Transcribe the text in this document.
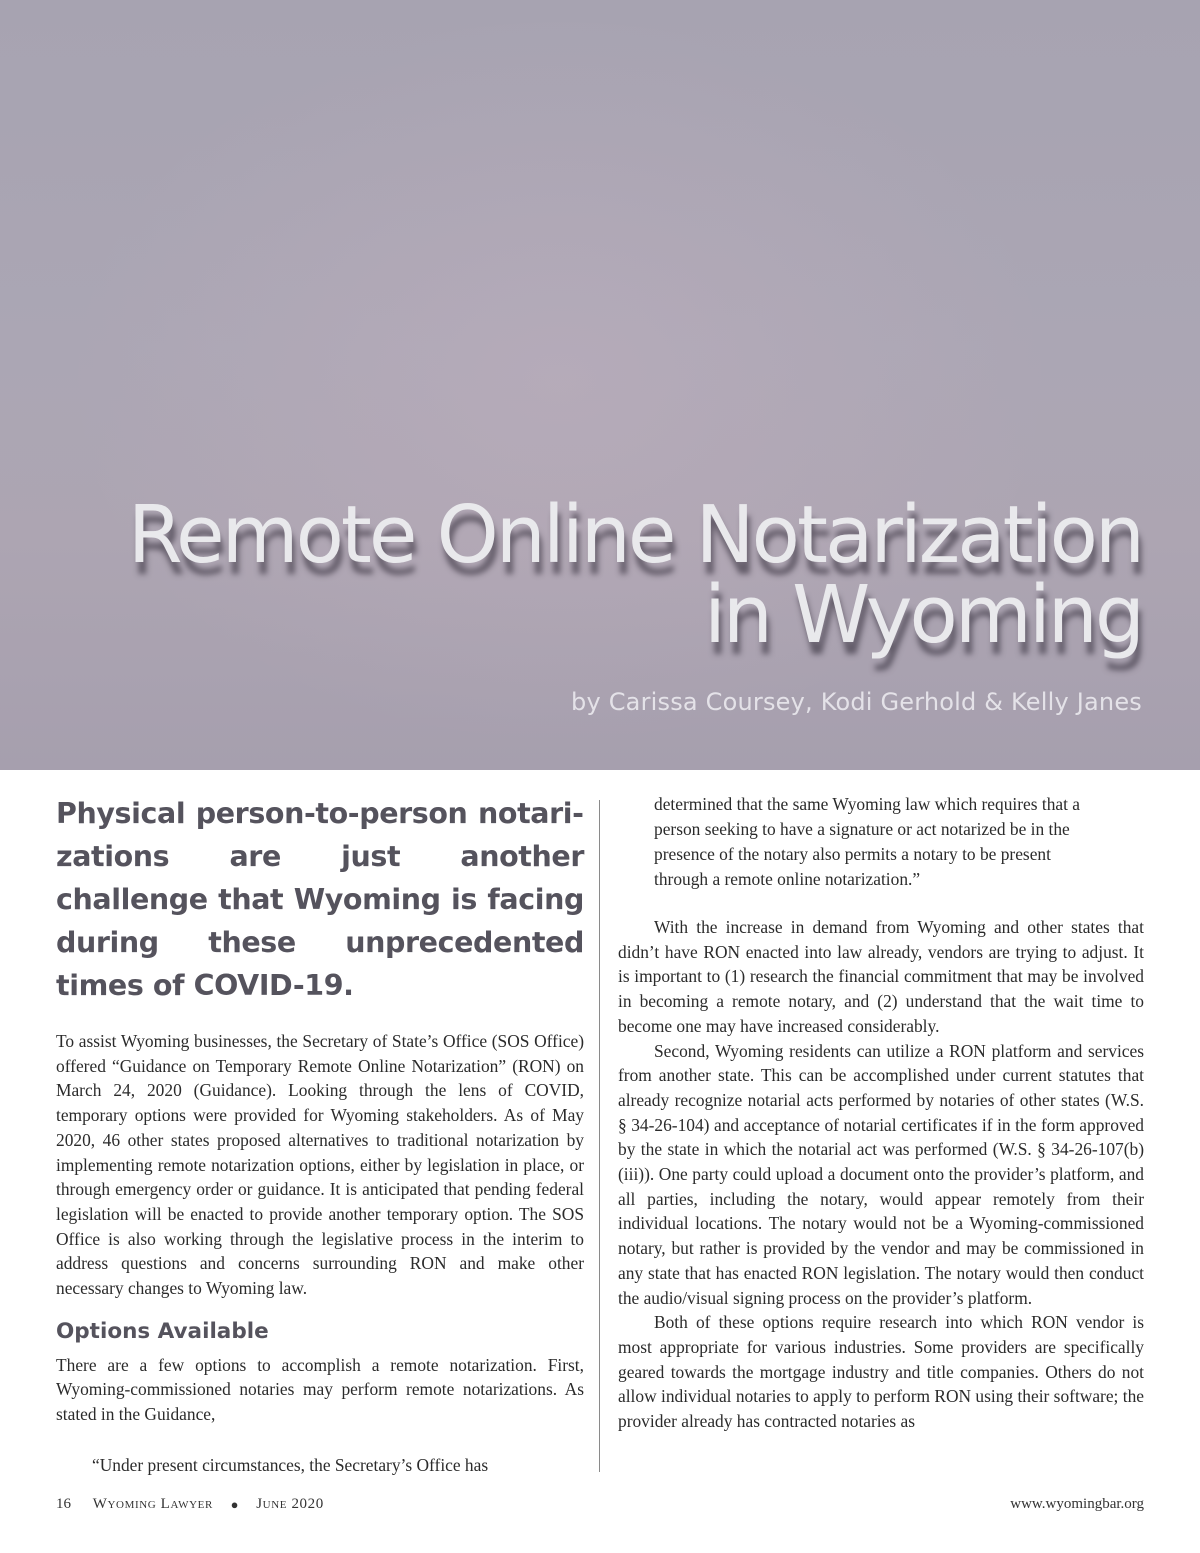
Remote Online Notarization
in Wyoming

by Carissa Coursey, Kodi Gerhold & Kelly Janes

Physical person-to-person notarizations are just another challenge that Wyoming is facing during these unprecedented times of COVID-19.

To assist Wyoming businesses, the Secretary of State’s Office (SOS Office) offered “Guidance on Temporary Remote Online Notarization” (RON) on March 24, 2020 (Guidance). Looking through the lens of COVID, temporary options were provided for Wyoming stakeholders. As of May 2020, 46 other states proposed alternatives to traditional notarization by implementing remote notarization options, either by legislation in place, or through emergency order or guidance. It is anticipated that pending federal legislation will be enacted to provide another temporary option. The SOS Office is also working through the legislative process in the interim to address questions and concerns surrounding RON and make other necessary changes to Wyoming law.

Options Available

There are a few options to accomplish a remote notarization. First, Wyoming-commissioned notaries may perform remote notarizations. As stated in the Guidance,

“Under present circumstances, the Secretary’s Office has

determined that the same Wyoming law which requires that a person seeking to have a signature or act notarized be in the presence of the notary also permits a notary to be present through a remote online notarization.”

With the increase in demand from Wyoming and other states that didn’t have RON enacted into law already, vendors are trying to adjust. It is important to (1) research the financial commitment that may be involved in becoming a remote notary, and (2) understand that the wait time to become one may have increased considerably.

Second, Wyoming residents can utilize a RON platform and services from another state. This can be accomplished under current statutes that already recognize notarial acts performed by notaries of other states (W.S. § 34-26-104) and acceptance of notarial certificates if in the form approved by the state in which the notarial act was performed (W.S. § 34-26-107(b)(iii)). One party could upload a document onto the provider’s platform, and all parties, including the notary, would appear remotely from their individual locations. The notary would not be a Wyoming-commissioned notary, but rather is provided by the vendor and may be commissioned in any state that has enacted RON legislation. The notary would then conduct the audio/visual signing process on the provider’s platform.

Both of these options require research into which RON vendor is most appropriate for various industries. Some providers are specifically geared towards the mortgage industry and title companies. Others do not allow individual notaries to apply to perform RON using their software; the provider already has contracted notaries as

16 Wyoming Lawyer ● June 2020	www.wyomingbar.org
